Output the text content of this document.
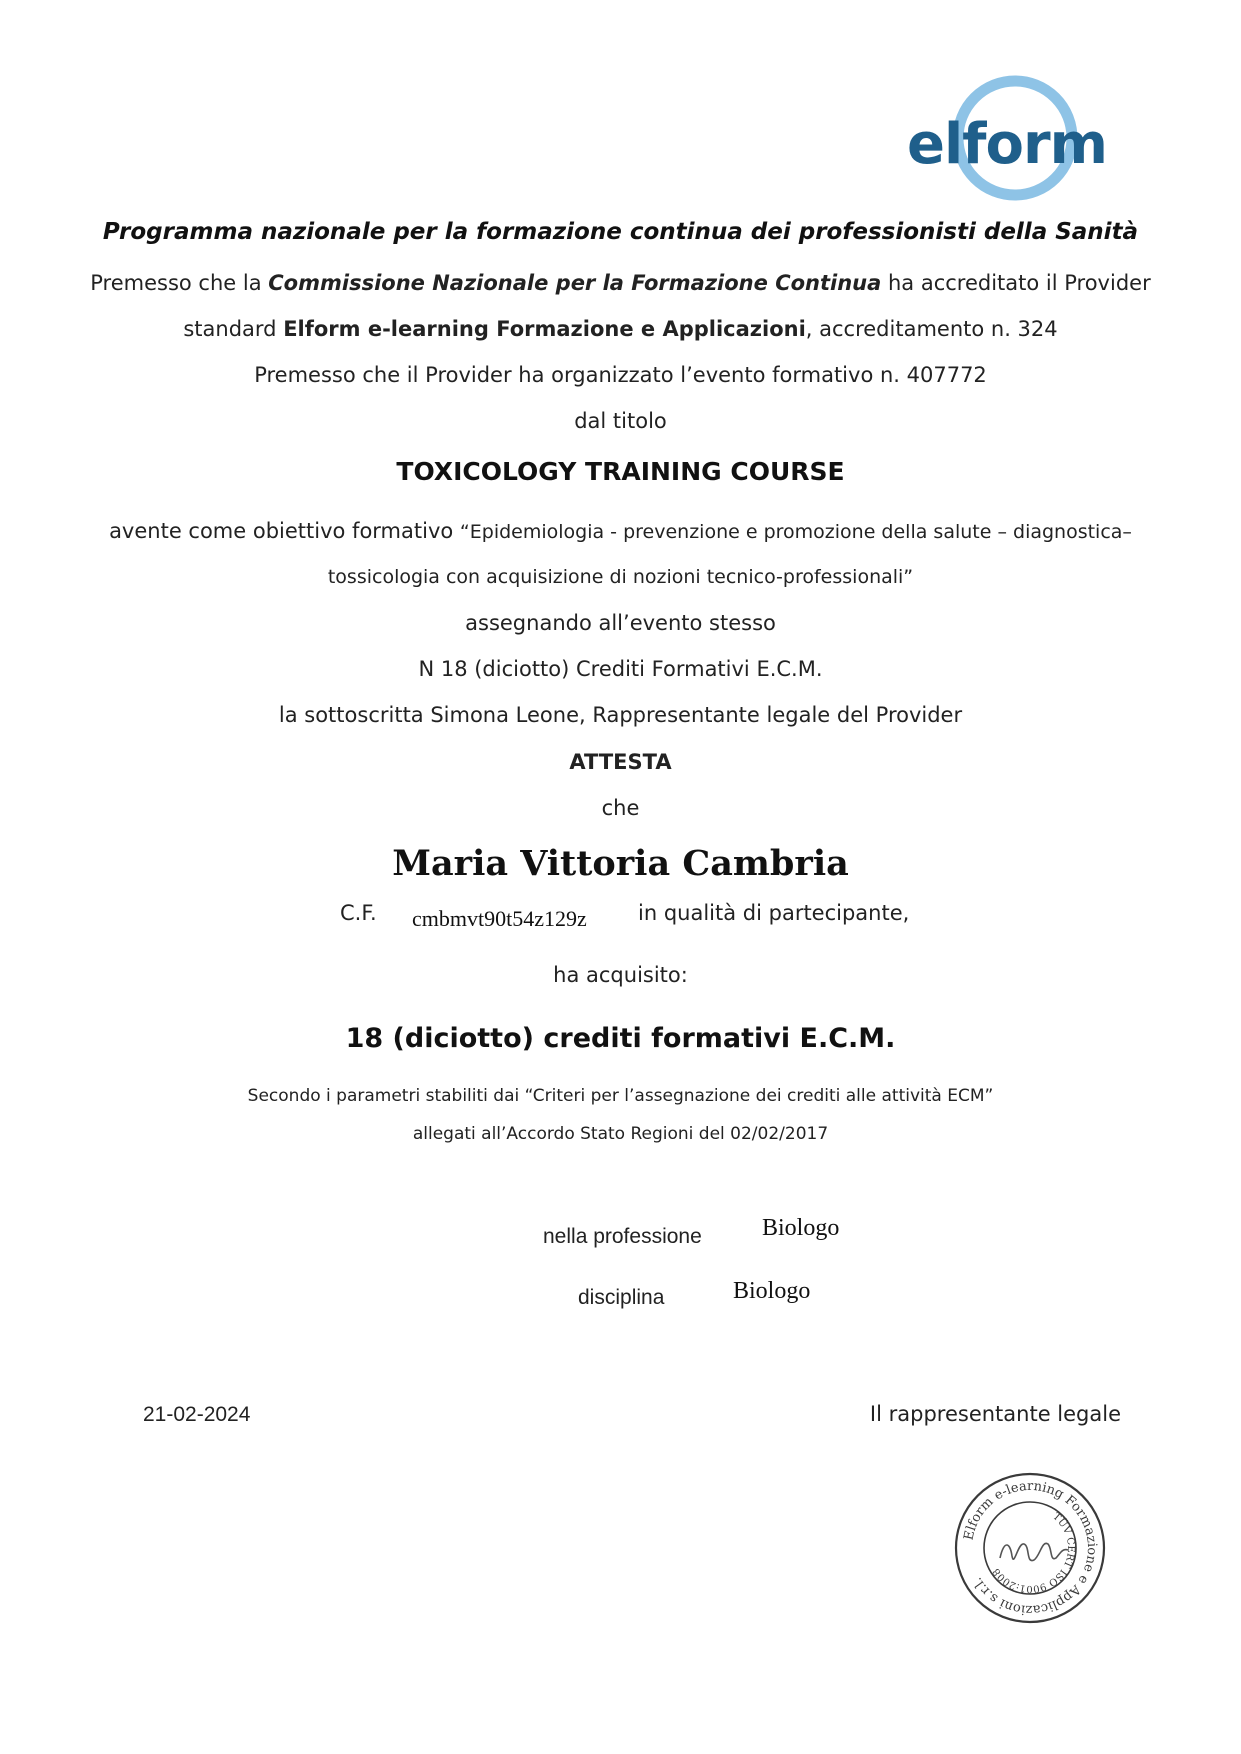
elform
Programma nazionale per la formazione continua dei professionisti della Sanità
Premesso che la Commissione Nazionale per la Formazione Continua ha accreditato il Provider
standard Elform e-learning Formazione e Applicazioni, accreditamento n. 324
Premesso che il Provider ha organizzato l’evento formativo n. 407772
dal titolo
TOXICOLOGY TRAINING COURSE
avente come obiettivo formativo “Epidemiologia - prevenzione e promozione della salute – diagnostica–
tossicologia con acquisizione di nozioni tecnico-professionali”
assegnando all’evento stesso
N 18 (diciotto) Crediti Formativi E.C.M.
la sottoscritta Simona Leone, Rappresentante legale del Provider
ATTESTA
che
Maria Vittoria Cambria
C.F. cmbmvt90t54z129z in qualità di partecipante,
ha acquisito:
18 (diciotto) crediti formativi E.C.M.
Secondo i parametri stabiliti dai “Criteri per l’assegnazione dei crediti alle attività ECM”
allegati all’Accordo Stato Regioni del 02/02/2017
nella professione	Biologo
disciplina	Biologo
21-02-2024	Il rappresentante legale
Elform e-learning Formazione e Applicazioni s.r.l.
TÜV CERT ISO 9001:2008
